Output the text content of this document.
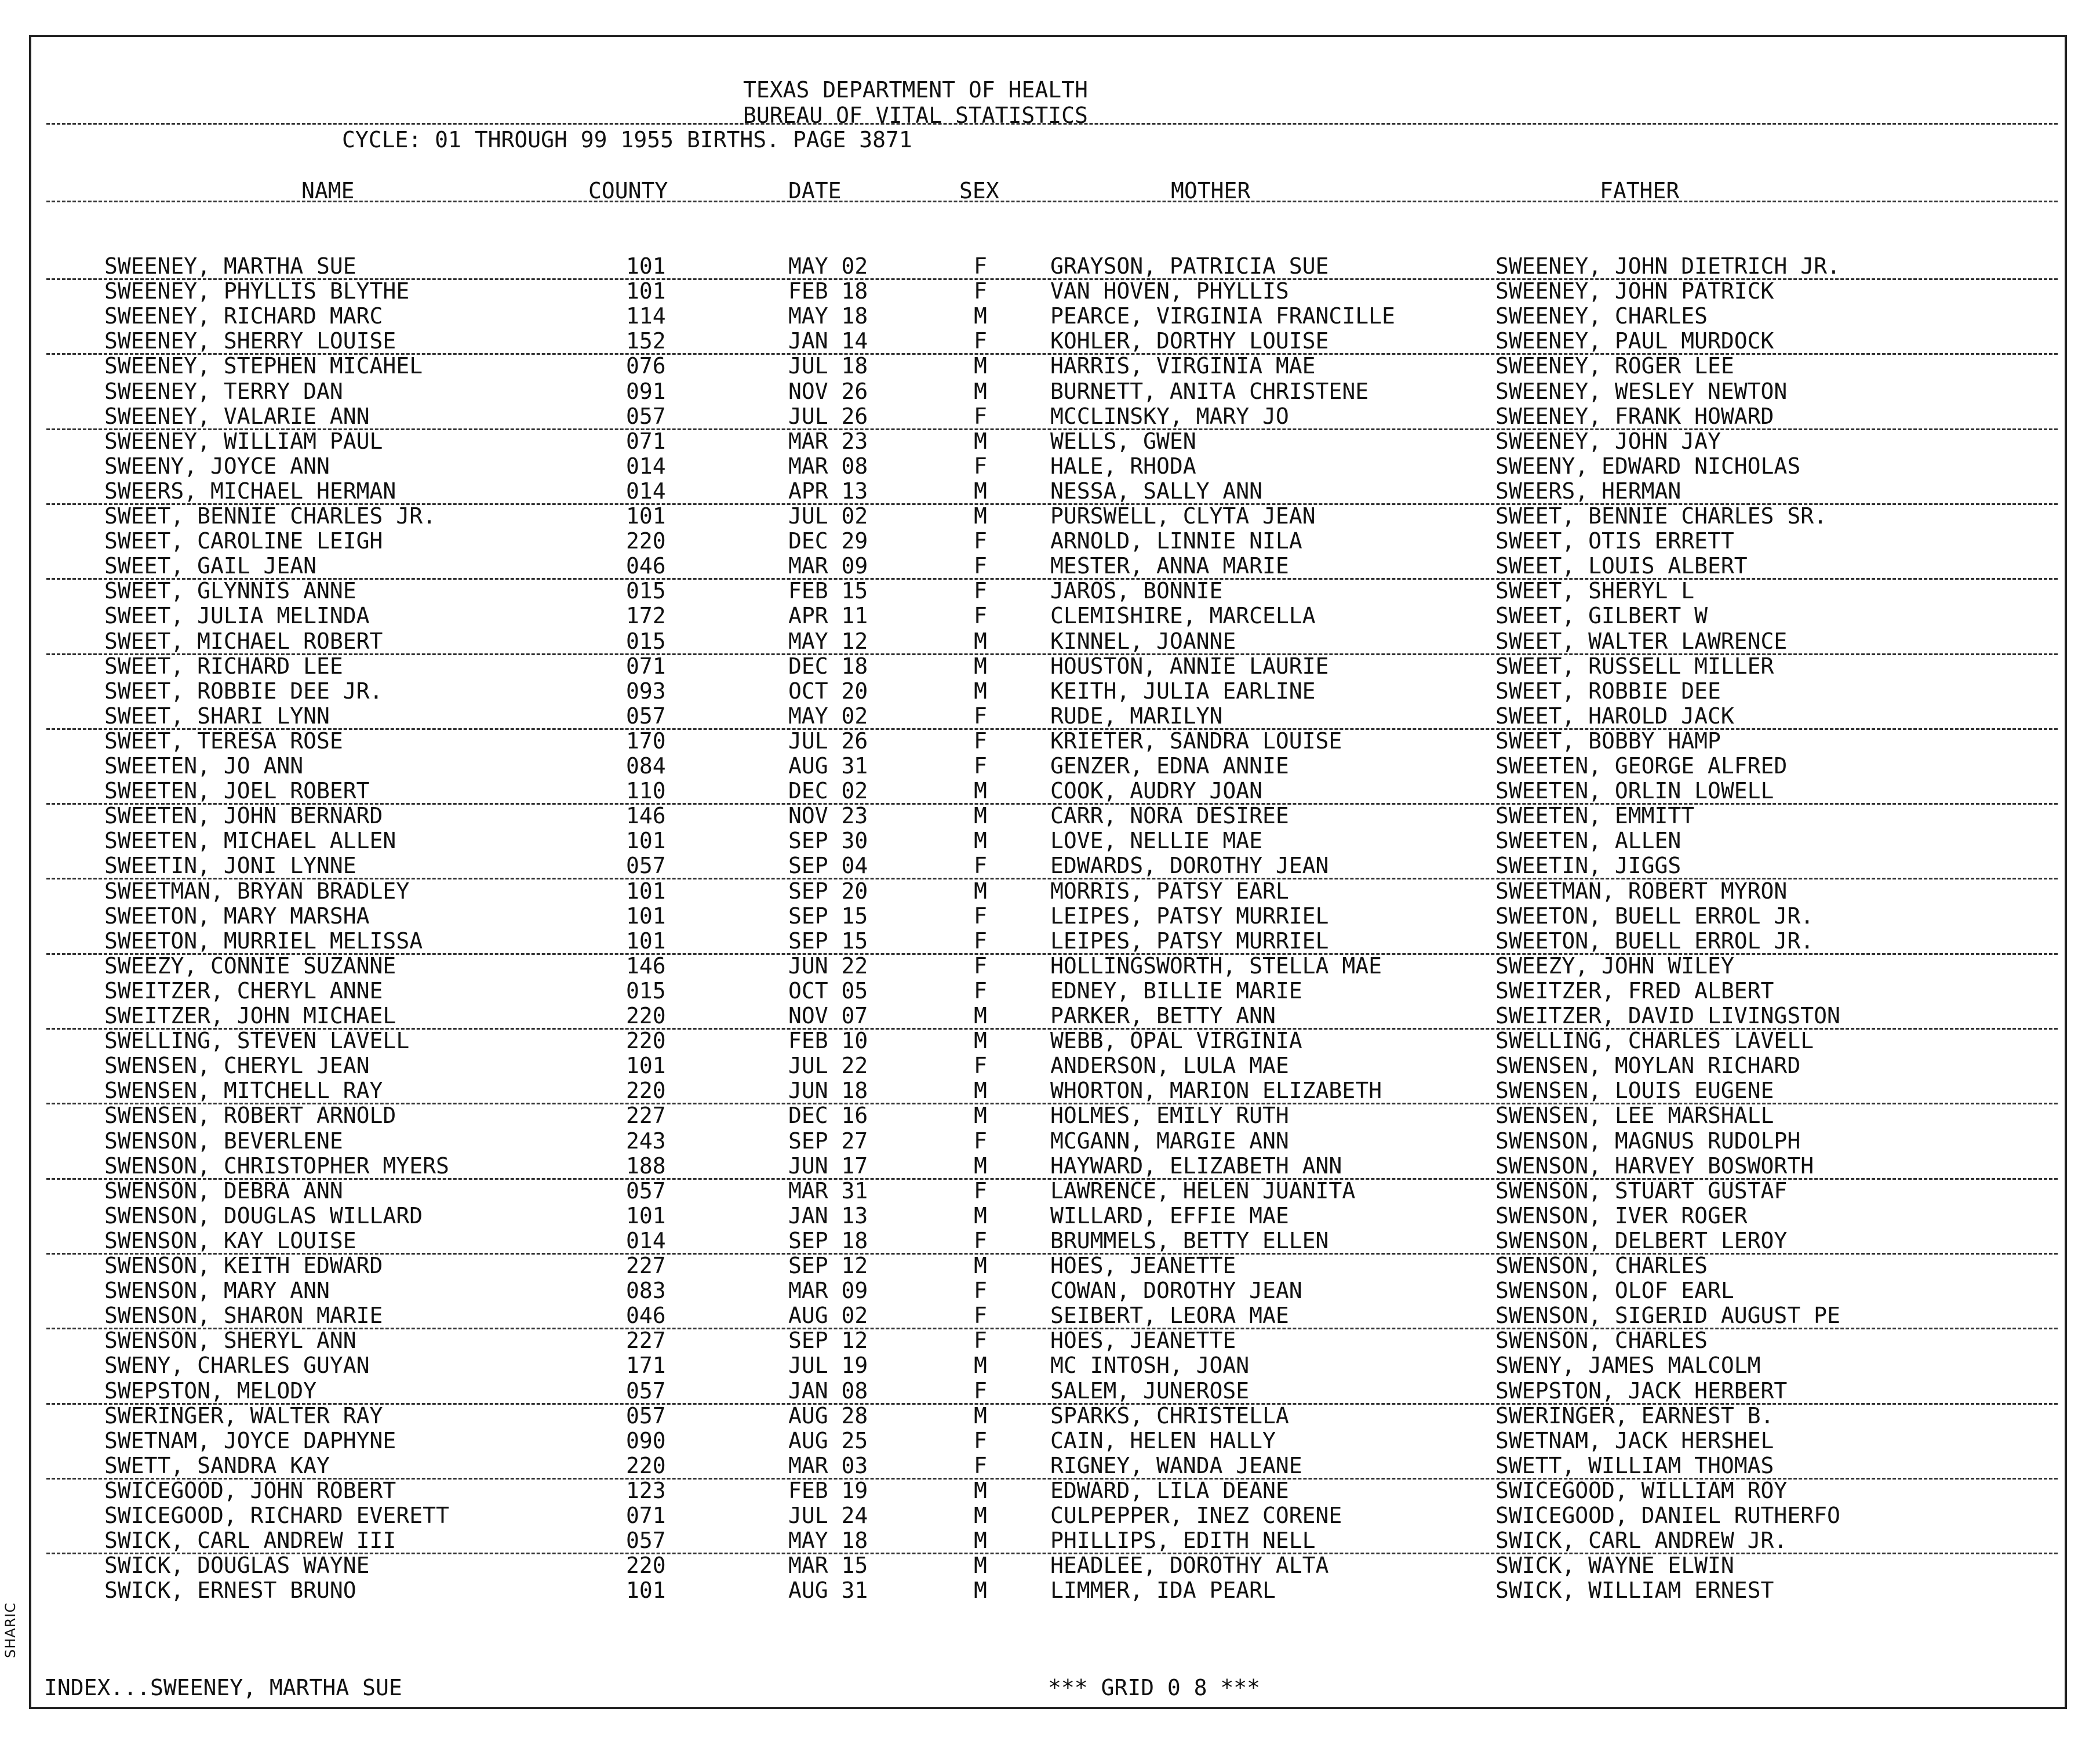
SHARIC
TEXAS DEPARTMENT OF HEALTH
BUREAU OF VITAL STATISTICS
CYCLE: 01 THROUGH 99 1955 BIRTHS. PAGE 3871
NAME	COUNTY	DATE	SEX	MOTHER	FATHER
SWEENEY, MARTHA SUE	101	MAY 02	F	GRAYSON, PATRICIA SUE	SWEENEY, JOHN DIETRICH JR.
SWEENEY, PHYLLIS BLYTHE	101	FEB 18	F	VAN HOVEN, PHYLLIS	SWEENEY, JOHN PATRICK
SWEENEY, RICHARD MARC	114	MAY 18	M	PEARCE, VIRGINIA FRANCILLE	SWEENEY, CHARLES
SWEENEY, SHERRY LOUISE	152	JAN 14	F	KOHLER, DORTHY LOUISE	SWEENEY, PAUL MURDOCK
SWEENEY, STEPHEN MICAHEL	076	JUL 18	M	HARRIS, VIRGINIA MAE	SWEENEY, ROGER LEE
SWEENEY, TERRY DAN	091	NOV 26	M	BURNETT, ANITA CHRISTENE	SWEENEY, WESLEY NEWTON
SWEENEY, VALARIE ANN	057	JUL 26	F	MCCLINSKY, MARY JO	SWEENEY, FRANK HOWARD
SWEENEY, WILLIAM PAUL	071	MAR 23	M	WELLS, GWEN	SWEENEY, JOHN JAY
SWEENY, JOYCE ANN	014	MAR 08	F	HALE, RHODA	SWEENY, EDWARD NICHOLAS
SWEERS, MICHAEL HERMAN	014	APR 13	M	NESSA, SALLY ANN	SWEERS, HERMAN
SWEET, BENNIE CHARLES JR.	101	JUL 02	M	PURSWELL, CLYTA JEAN	SWEET, BENNIE CHARLES SR.
SWEET, CAROLINE LEIGH	220	DEC 29	F	ARNOLD, LINNIE NILA	SWEET, OTIS ERRETT
SWEET, GAIL JEAN	046	MAR 09	F	MESTER, ANNA MARIE	SWEET, LOUIS ALBERT
SWEET, GLYNNIS ANNE	015	FEB 15	F	JAROS, BONNIE	SWEET, SHERYL L
SWEET, JULIA MELINDA	172	APR 11	F	CLEMISHIRE, MARCELLA	SWEET, GILBERT W
SWEET, MICHAEL ROBERT	015	MAY 12	M	KINNEL, JOANNE	SWEET, WALTER LAWRENCE
SWEET, RICHARD LEE	071	DEC 18	M	HOUSTON, ANNIE LAURIE	SWEET, RUSSELL MILLER
SWEET, ROBBIE DEE JR.	093	OCT 20	M	KEITH, JULIA EARLINE	SWEET, ROBBIE DEE
SWEET, SHARI LYNN	057	MAY 02	F	RUDE, MARILYN	SWEET, HAROLD JACK
SWEET, TERESA ROSE	170	JUL 26	F	KRIETER, SANDRA LOUISE	SWEET, BOBBY HAMP
SWEETEN, JO ANN	084	AUG 31	F	GENZER, EDNA ANNIE	SWEETEN, GEORGE ALFRED
SWEETEN, JOEL ROBERT	110	DEC 02	M	COOK, AUDRY JOAN	SWEETEN, ORLIN LOWELL
SWEETEN, JOHN BERNARD	146	NOV 23	M	CARR, NORA DESIREE	SWEETEN, EMMITT
SWEETEN, MICHAEL ALLEN	101	SEP 30	M	LOVE, NELLIE MAE	SWEETEN, ALLEN
SWEETIN, JONI LYNNE	057	SEP 04	F	EDWARDS, DOROTHY JEAN	SWEETIN, JIGGS
SWEETMAN, BRYAN BRADLEY	101	SEP 20	M	MORRIS, PATSY EARL	SWEETMAN, ROBERT MYRON
SWEETON, MARY MARSHA	101	SEP 15	F	LEIPES, PATSY MURRIEL	SWEETON, BUELL ERROL JR.
SWEETON, MURRIEL MELISSA	101	SEP 15	F	LEIPES, PATSY MURRIEL	SWEETON, BUELL ERROL JR.
SWEEZY, CONNIE SUZANNE	146	JUN 22	F	HOLLINGSWORTH, STELLA MAE	SWEEZY, JOHN WILEY
SWEITZER, CHERYL ANNE	015	OCT 05	F	EDNEY, BILLIE MARIE	SWEITZER, FRED ALBERT
SWEITZER, JOHN MICHAEL	220	NOV 07	M	PARKER, BETTY ANN	SWEITZER, DAVID LIVINGSTON
SWELLING, STEVEN LAVELL	220	FEB 10	M	WEBB, OPAL VIRGINIA	SWELLING, CHARLES LAVELL
SWENSEN, CHERYL JEAN	101	JUL 22	F	ANDERSON, LULA MAE	SWENSEN, MOYLAN RICHARD
SWENSEN, MITCHELL RAY	220	JUN 18	M	WHORTON, MARION ELIZABETH	SWENSEN, LOUIS EUGENE
SWENSEN, ROBERT ARNOLD	227	DEC 16	M	HOLMES, EMILY RUTH	SWENSEN, LEE MARSHALL
SWENSON, BEVERLENE	243	SEP 27	F	MCGANN, MARGIE ANN	SWENSON, MAGNUS RUDOLPH
SWENSON, CHRISTOPHER MYERS	188	JUN 17	M	HAYWARD, ELIZABETH ANN	SWENSON, HARVEY BOSWORTH
SWENSON, DEBRA ANN	057	MAR 31	F	LAWRENCE, HELEN JUANITA	SWENSON, STUART GUSTAF
SWENSON, DOUGLAS WILLARD	101	JAN 13	M	WILLARD, EFFIE MAE	SWENSON, IVER ROGER
SWENSON, KAY LOUISE	014	SEP 18	F	BRUMMELS, BETTY ELLEN	SWENSON, DELBERT LEROY
SWENSON, KEITH EDWARD	227	SEP 12	M	HOES, JEANETTE	SWENSON, CHARLES
SWENSON, MARY ANN	083	MAR 09	F	COWAN, DOROTHY JEAN	SWENSON, OLOF EARL
SWENSON, SHARON MARIE	046	AUG 02	F	SEIBERT, LEORA MAE	SWENSON, SIGERID AUGUST PE
SWENSON, SHERYL ANN	227	SEP 12	F	HOES, JEANETTE	SWENSON, CHARLES
SWENY, CHARLES GUYAN	171	JUL 19	M	MC INTOSH, JOAN	SWENY, JAMES MALCOLM
SWEPSTON, MELODY	057	JAN 08	F	SALEM, JUNEROSE	SWEPSTON, JACK HERBERT
SWERINGER, WALTER RAY	057	AUG 28	M	SPARKS, CHRISTELLA	SWERINGER, EARNEST B.
SWETNAM, JOYCE DAPHYNE	090	AUG 25	F	CAIN, HELEN HALLY	SWETNAM, JACK HERSHEL
SWETT, SANDRA KAY	220	MAR 03	F	RIGNEY, WANDA JEANE	SWETT, WILLIAM THOMAS
SWICEGOOD, JOHN ROBERT	123	FEB 19	M	EDWARD, LILA DEANE	SWICEGOOD, WILLIAM ROY
SWICEGOOD, RICHARD EVERETT	071	JUL 24	M	CULPEPPER, INEZ CORENE	SWICEGOOD, DANIEL RUTHERFO
SWICK, CARL ANDREW III	057	MAY 18	M	PHILLIPS, EDITH NELL	SWICK, CARL ANDREW JR.
SWICK, DOUGLAS WAYNE	220	MAR 15	M	HEADLEE, DOROTHY ALTA	SWICK, WAYNE ELWIN
SWICK, ERNEST BRUNO	101	AUG 31	M	LIMMER, IDA PEARL	SWICK, WILLIAM ERNEST
INDEX...SWEENEY, MARTHA SUE	*** GRID 0 8 ***
